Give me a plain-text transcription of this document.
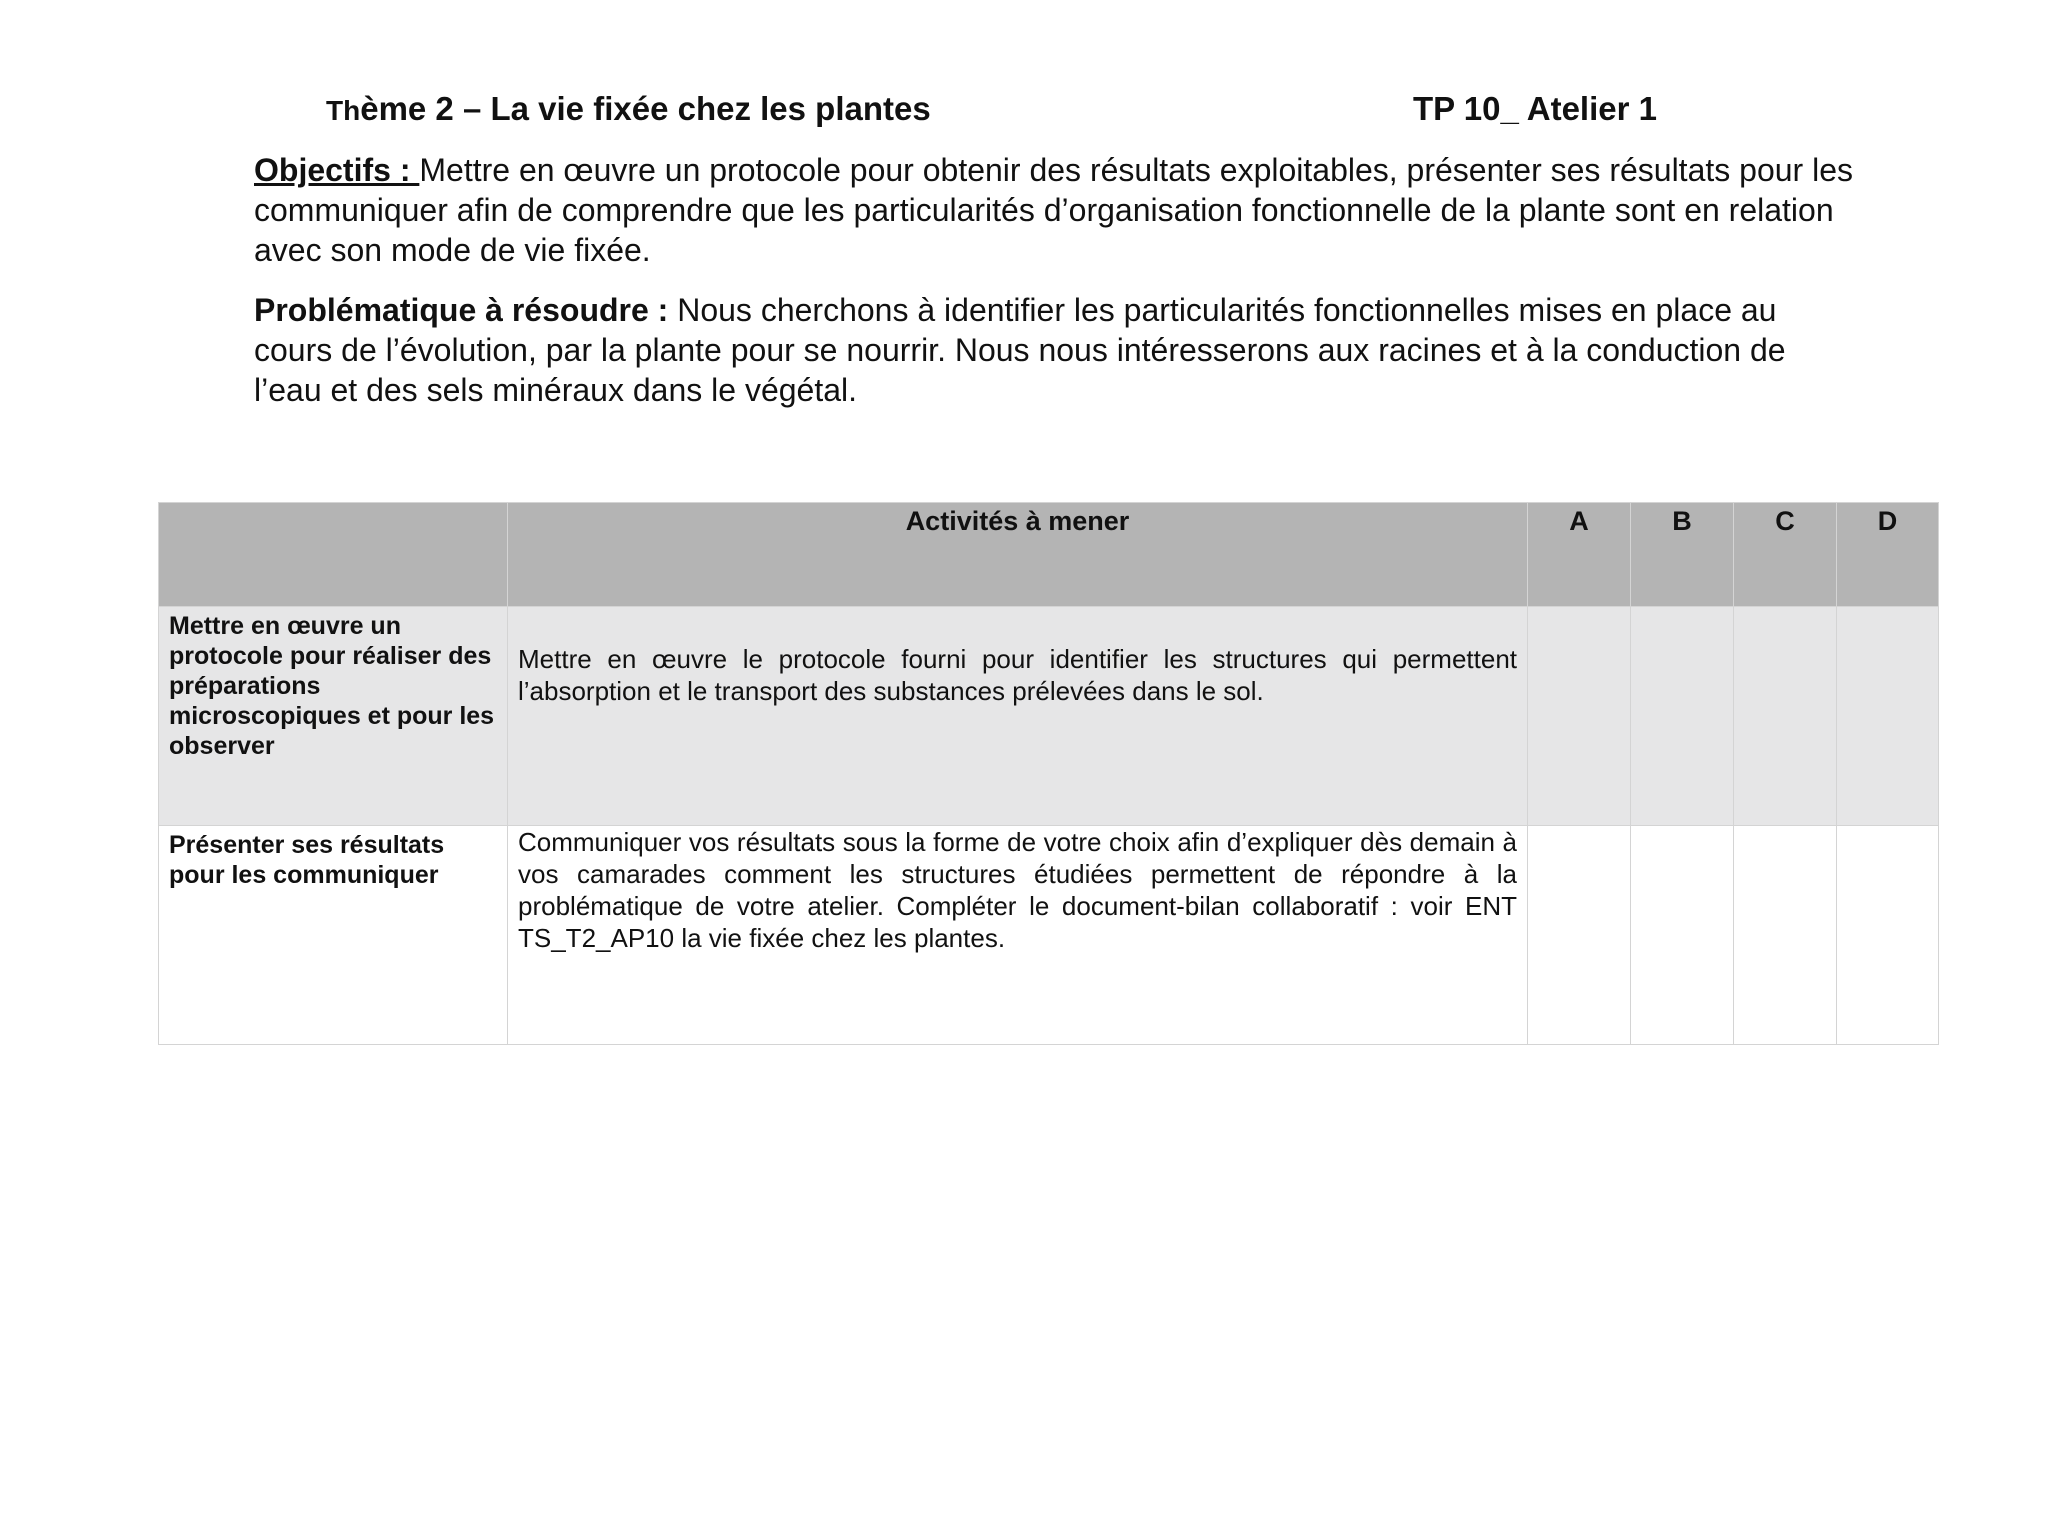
Thème 2 – La vie fixée chez les plantes	TP 10_ Atelier 1
Objectifs : Mettre en œuvre un protocole pour obtenir des résultats exploitables, présenter ses résultats pour les communiquer afin de comprendre que les particularités d’organisation fonctionnelle de la plante sont en relation avec son mode de vie fixée.
Problématique à résoudre : Nous cherchons à identifier les particularités fonctionnelles mises en place au cours de l’évolution, par la plante pour se nourrir. Nous nous intéresserons aux racines et à la conduction de l’eau et des sels minéraux dans le végétal.
	Activités à mener	A	B	C	D

Mettre en œuvre un protocole pour réaliser des préparations microscopiques et pour les observer	Mettre en œuvre le protocole fourni pour identifier les structures qui permettent l’absorption et le transport des substances prélevées dans le sol.				

Présenter ses résultats pour les communiquer	Communiquer vos résultats sous la forme de votre choix afin d’expliquer dès demain à vos camarades comment les structures étudiées permettent de répondre à la problématique de votre atelier. Compléter le document-bilan collaboratif : voir ENT TS_T2_AP10 la vie fixée chez les plantes.				
